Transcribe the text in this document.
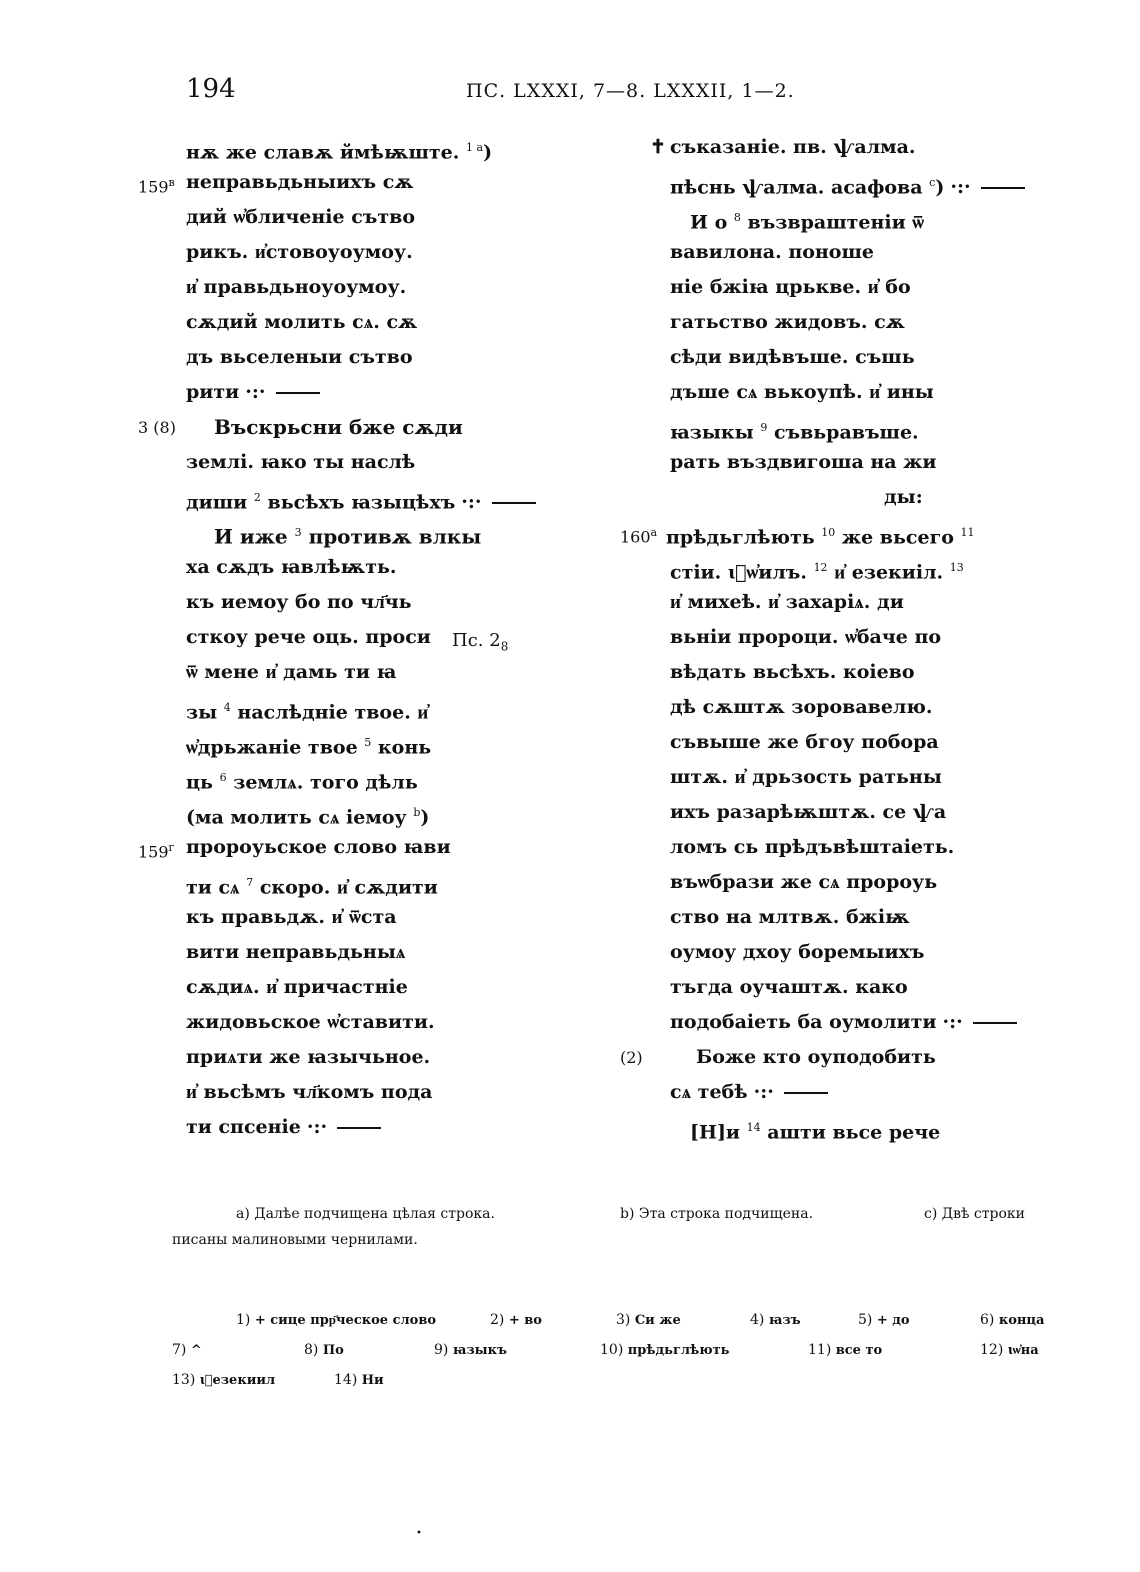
194	ПС. LXXXI, 7—8. LXXXII, 1—2.
нѫ же славѫ ймѣѭште. $^{1 а}$)
$159^в$ неправьдьныихъ сѫ
дий ѡ҆бличеніе сътво
рикъ. и҆стовоуоумоу.
и҆ правьдьноуоумоу.
сѫдий молить сѧ. сѫ
дъ вьселеныи сътво
рити ·:·
3 (8) Въскрьсни бже сѫди
землі. ꙗко ты наслѣ
диши $^2$ вьсѣхъ ꙗзыцѣхъ ·:·
И иже $^3$ противѫ влкы
ха сѫдъ ꙗвлѣѭть.
къ иемоу бо по чл҃чь
сткоу рече оць. проси
ѿ мене и҆ дамь ти ꙗ
зы $^4$ наслѣдніе твое. и҆
ѡ҆дрьжаніе твое $^5$ конь
ць $^6$ землѧ. того дѣль
(ма молить сѧ іемоу $^b$)
$159^г$ пророуьское слово ꙗви
ти сѧ $^7$ скоро. и҆ сѫдити
къ правьдѫ. и҆ ѿста
вити неправьдьныѧ
сѫдиѧ. и҆ причастніе
жидовьское ѡ҆ставити.
приѧти же ꙗзычьное.
и҆ вьсѣмъ чл҃комъ пода
ти спсеніе ·:·
✝ съказаніе. пв. ѱалма.
пѣснь ѱалма. асафова $^с$) ·:·
И о $^8$ възвраштеніи ѿ
вавилона. поноше
ніе бжіꙗ црькве. и҆ бо
гатьство жидовъ. сѫ
сѣди видѣвъше. съшь
дъше сѧ вькоупѣ. и҆ ины
ꙗзыкы $^9$ съвьравъше.
рать въздвигоша на жи
ды:
$160^а$ прѣдьглѣють $^{10}$ же вьсего $^{11}$
стіи. ꙇ҆ѡ҆илъ. $^{12}$ и҆ езекиіл. $^{13}$
и҆ михеѣ. и҆ захаріѧ. ди
вьніи пророци. ѡ҆баче по
вѣдать вьсѣхъ. коіево
дѣ сѫштѫ зоровавелю.
съвыше же бгоу побора
штѫ. и҆ дрьзость ратьны
ихъ разарѣѭштѫ. се ѱа
ломъ сь прѣдъвѣштаіеть.
въѡбрази же сѧ пророуь
ство на млтвѫ. бжіѭ
оумоу дхоу боремыихъ
тъгда оучаштѫ. како
подобаіеть ба оумолити ·:·
(2)	Боже кто оуподобить
сѧ тебѣ ·:·
[Н]и $^{14}$ ашти вьсе рече
Пс. $2_8$
а) Далѣе подчищена цѣлая строка.	b) Эта строка подчищена.	с) Двѣ строки
писаны малиновыми чернилами.
1) + сице прр҃ческое слово	2) + во	3) Си же	4) ꙗзъ	5) + до	6) конца
7) ^	8) По	9) ꙗзыкъ	10) прѣдьглѣють	11) все то	12) ꙇѡ҆на
13) ꙇ҆езекиил	14) Ни
•
